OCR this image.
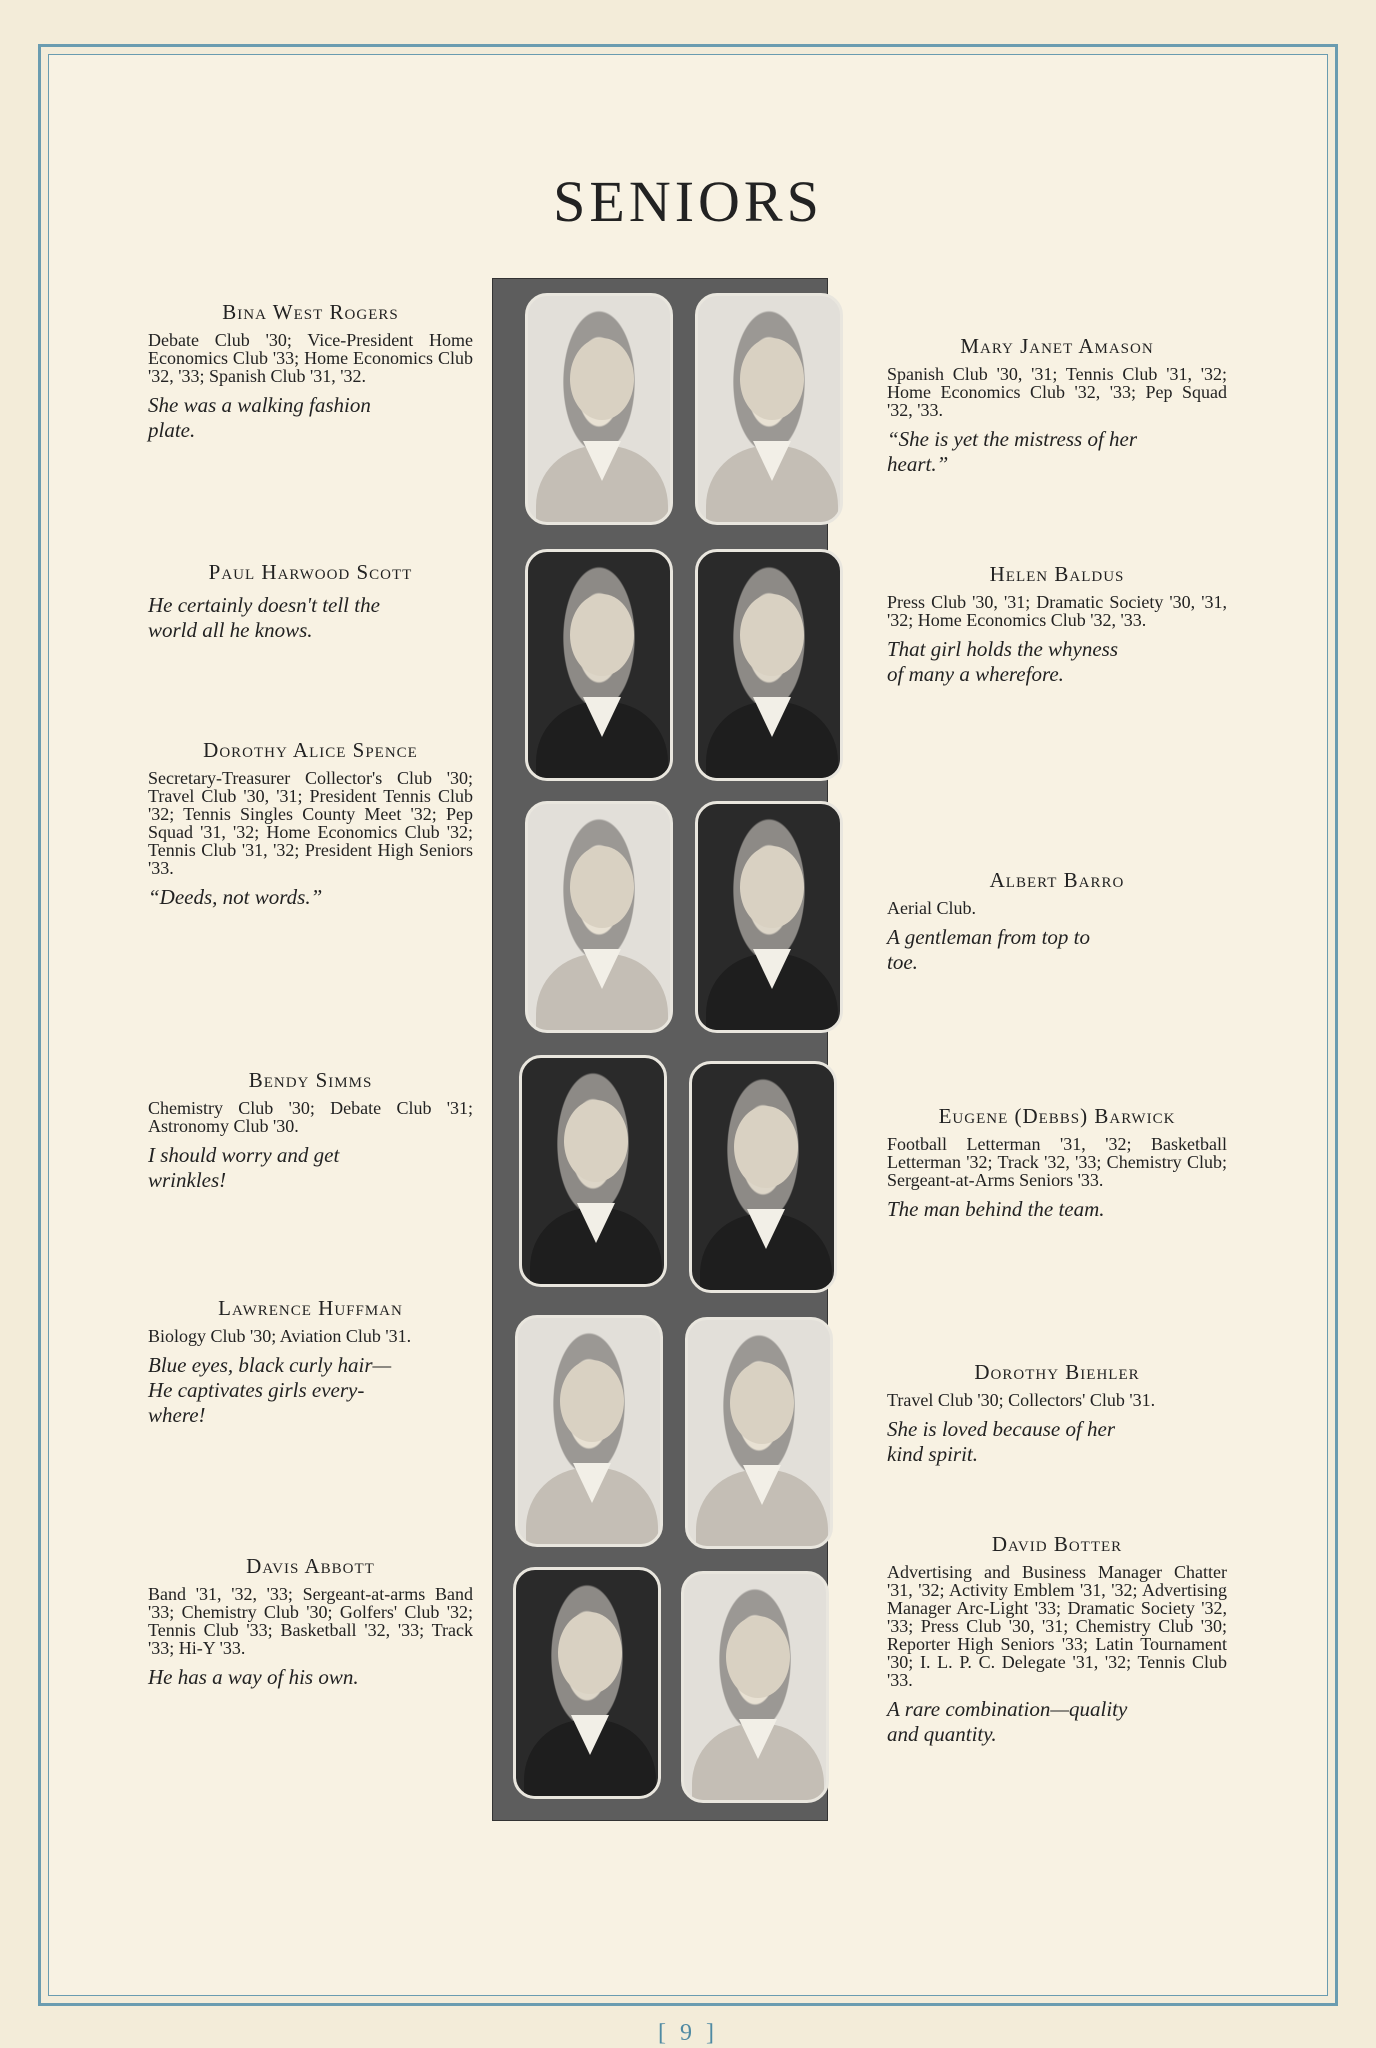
SENIORS
Bina West Rogers
Debate Club '30; Vice-President Home Economics Club '33; Home Economics Club '32, '33; Spanish Club '31, '32.
She was a walking fashion
plate.
Paul Harwood Scott
He certainly doesn't tell the
world all he knows.
Dorothy Alice Spence
Secretary-Treasurer Collector's Club '30; Travel Club '30, '31; President Tennis Club '32; Tennis Singles County Meet '32; Pep Squad '31, '32; Home Economics Club '32; Tennis Club '31, '32; President High Seniors '33.
“Deeds, not words.”
Bendy Simms
Chemistry Club '30; Debate Club '31; Astronomy Club '30.
I should worry and get
wrinkles!
Lawrence Huffman
Biology Club '30; Aviation Club '31.
Blue eyes, black curly hair—
He captivates girls every-
where!
Davis Abbott
Band '31, '32, '33; Sergeant-at-arms Band '33; Chemistry Club '30; Golfers' Club '32; Tennis Club '33; Basketball '32, '33; Track '33; Hi-Y '33.
He has a way of his own.
Mary Janet Amason
Spanish Club '30, '31; Tennis Club '31, '32; Home Economics Club '32, '33; Pep Squad '32, '33.
“She is yet the mistress of her
heart.”
Helen Baldus
Press Club '30, '31; Dramatic Society '30, '31, '32; Home Economics Club '32, '33.
That girl holds the whyness
of many a wherefore.
Albert Barro
Aerial Club.
A gentleman from top to
toe.
Eugene (Debbs) Barwick
Football Letterman '31, '32; Basketball Letterman '32; Track '32, '33; Chemistry Club; Sergeant-at-Arms Seniors '33.
The man behind the team.
Dorothy Biehler
Travel Club '30; Collectors' Club '31.
She is loved because of her
kind spirit.
David Botter
Advertising and Business Manager Chatter '31, '32; Activity Emblem '31, '32; Advertising Manager Arc-Light '33; Dramatic Society '32, '33; Press Club '30, '31; Chemistry Club '30; Reporter High Seniors '33; Latin Tournament '30; I. L. P. C. Delegate '31, '32; Tennis Club '33.
A rare combination—quality
and quantity.
[ 9 ]
